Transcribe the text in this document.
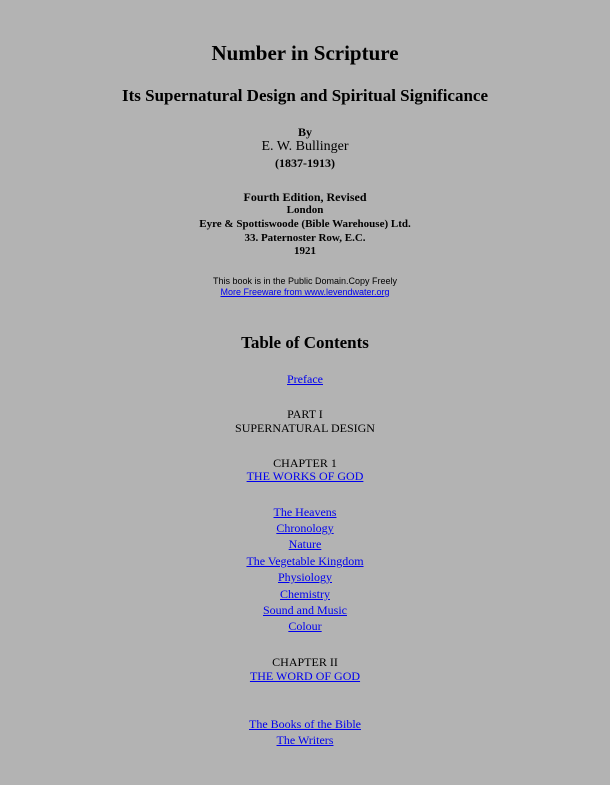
Number in Scripture
Its Supernatural Design and Spiritual Significance
By
E. W. Bullinger
(1837-1913)
Fourth Edition, Revised
London
Eyre & Spottiswoode (Bible Warehouse) Ltd.
33. Paternoster Row, E.C.
1921
This book is in the Public Domain.Copy Freely
More Freeware from www.levendwater.org
Table of Contents
Preface
PART I
SUPERNATURAL DESIGN
CHAPTER 1
THE WORKS OF GOD
The Heavens
Chronology
Nature
The Vegetable Kingdom
Physiology
Chemistry
Sound and Music
Colour
CHAPTER II
THE WORD OF GOD
The Books of the Bible
The Writers
